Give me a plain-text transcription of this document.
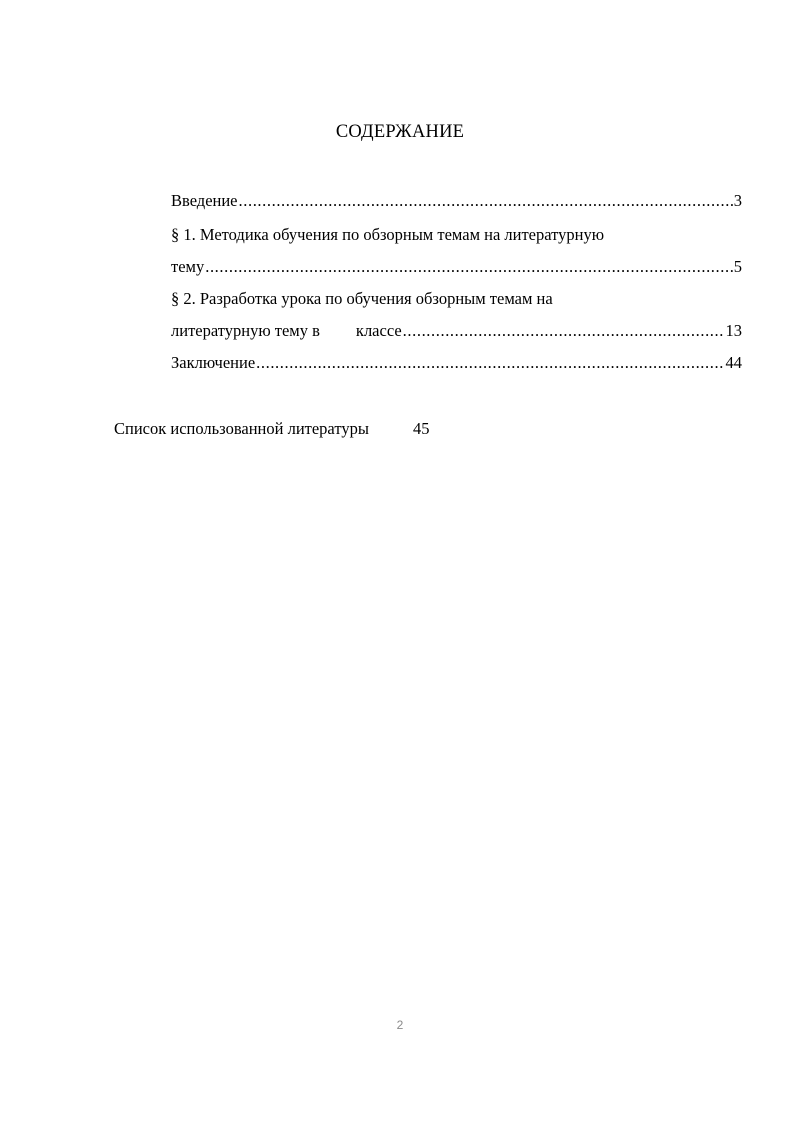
СОДЕРЖАНИЕ
Введение .....	3
§ 1. Методика обучения по обзорным темам на литературную
тему .....	5
§ 2. Разработка урока по обучения обзорным темам на
литературную тему в классе .....	13
Заключение .....	44
Список использованной литературы	45
2
